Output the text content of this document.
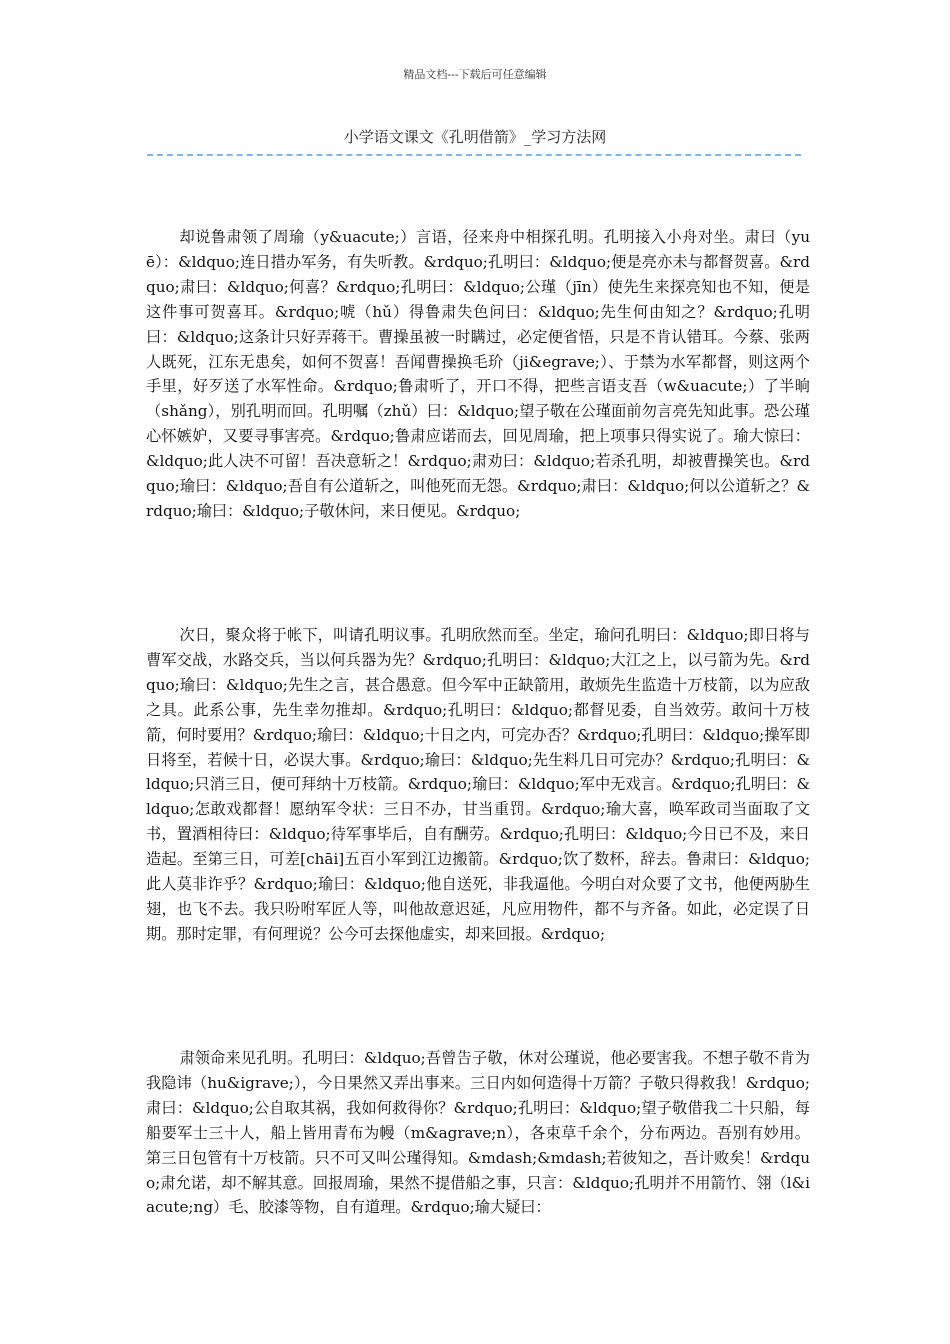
精品文档---下载后可任意编辑
小学语文课文《孔明借箭》_学习方法网

却说鲁肃领了周瑜（y&uacute;）言语，径来舟中相探孔明。孔明接入小舟对坐。肃曰（yuē）：&ldquo;连日措办军务，有失听教。&rdquo;孔明曰：&ldquo;便是亮亦未与都督贺喜。&rdquo;肃曰：&ldquo;何喜？&rdquo;孔明曰：&ldquo;公瑾（jīn）使先生来探亮知也不知，便是这件事可贺喜耳。&rdquo;唬（hǔ）得鲁肃失色问曰：&ldquo;先生何由知之？&rdquo;孔明曰：&ldquo;这条计只好弄蒋干。曹操虽被一时瞒过，必定便省悟，只是不肯认错耳。今蔡、张两人既死，江东无患矣，如何不贺喜！吾闻曹操换毛玠（ji&egrave;）、于禁为水军都督，则这两个手里，好歹送了水军性命。&rdquo;鲁肃听了，开口不得，把些言语支吾（w&uacute;）了半晌（shǎng），别孔明而回。孔明嘱（zhǔ）曰：&ldquo;望子敬在公瑾面前勿言亮先知此事。恐公瑾心怀嫉妒，又要寻事害亮。&rdquo;鲁肃应诺而去，回见周瑜，把上项事只得实说了。瑜大惊曰：&ldquo;此人决不可留！吾决意斩之！&rdquo;肃劝曰：&ldquo;若杀孔明，却被曹操笑也。&rdquo;瑜曰：&ldquo;吾自有公道斩之，叫他死而无怨。&rdquo;肃曰：&ldquo;何以公道斩之？&rdquo;瑜曰：&ldquo;子敬休问，来日便见。&rdquo;

次日，聚众将于帐下，叫请孔明议事。孔明欣然而至。坐定，瑜问孔明曰：&ldquo;即日将与曹军交战，水路交兵，当以何兵器为先？&rdquo;孔明曰：&ldquo;大江之上，以弓箭为先。&rdquo;瑜曰：&ldquo;先生之言，甚合愚意。但今军中正缺箭用，敢烦先生监造十万枝箭，以为应敌之具。此系公事，先生幸勿推却。&rdquo;孔明曰：&ldquo;都督见委，自当效劳。敢问十万枝箭，何时要用？&rdquo;瑜曰：&ldquo;十日之内，可完办否？&rdquo;孔明曰：&ldquo;操军即日将至，若候十日，必误大事。&rdquo;瑜曰：&ldquo;先生料几日可完办？&rdquo;孔明曰：&ldquo;只消三日，便可拜纳十万枝箭。&rdquo;瑜曰：&ldquo;军中无戏言。&rdquo;孔明曰：&ldquo;怎敢戏都督！愿纳军令状：三日不办，甘当重罚。&rdquo;瑜大喜，唤军政司当面取了文书，置酒相待曰：&ldquo;待军事毕后，自有酬劳。&rdquo;孔明曰：&ldquo;今日已不及，来日造起。至第三日，可差[chāi]五百小军到江边搬箭。&rdquo;饮了数杯，辞去。鲁肃曰：&ldquo;此人莫非诈乎？&rdquo;瑜曰：&ldquo;他自送死，非我逼他。今明白对众要了文书，他便两胁生翅，也飞不去。我只吩咐军匠人等，叫他故意迟延，凡应用物件，都不与齐备。如此，必定误了日期。那时定罪，有何理说？公今可去探他虚实，却来回报。&rdquo;

肃领命来见孔明。孔明曰：&ldquo;吾曾告子敬，休对公瑾说，他必要害我。不想子敬不肯为我隐讳（hu&igrave;），今日果然又弄出事来。三日内如何造得十万箭？子敬只得救我！&rdquo;肃曰：&ldquo;公自取其祸，我如何救得你？&rdquo;孔明曰：&ldquo;望子敬借我二十只船，每船要军士三十人，船上皆用青布为幔（m&agrave;n），各束草千余个，分布两边。吾别有妙用。第三日包管有十万枝箭。只不可又叫公瑾得知。&mdash;&mdash;若彼知之，吾计败矣！&rdquo;肃允诺，却不解其意。回报周瑜，果然不提借船之事，只言：&ldquo;孔明并不用箭竹、翎（l&iacute;ng）毛、胶漆等物，自有道理。&rdquo;瑜大疑曰：
